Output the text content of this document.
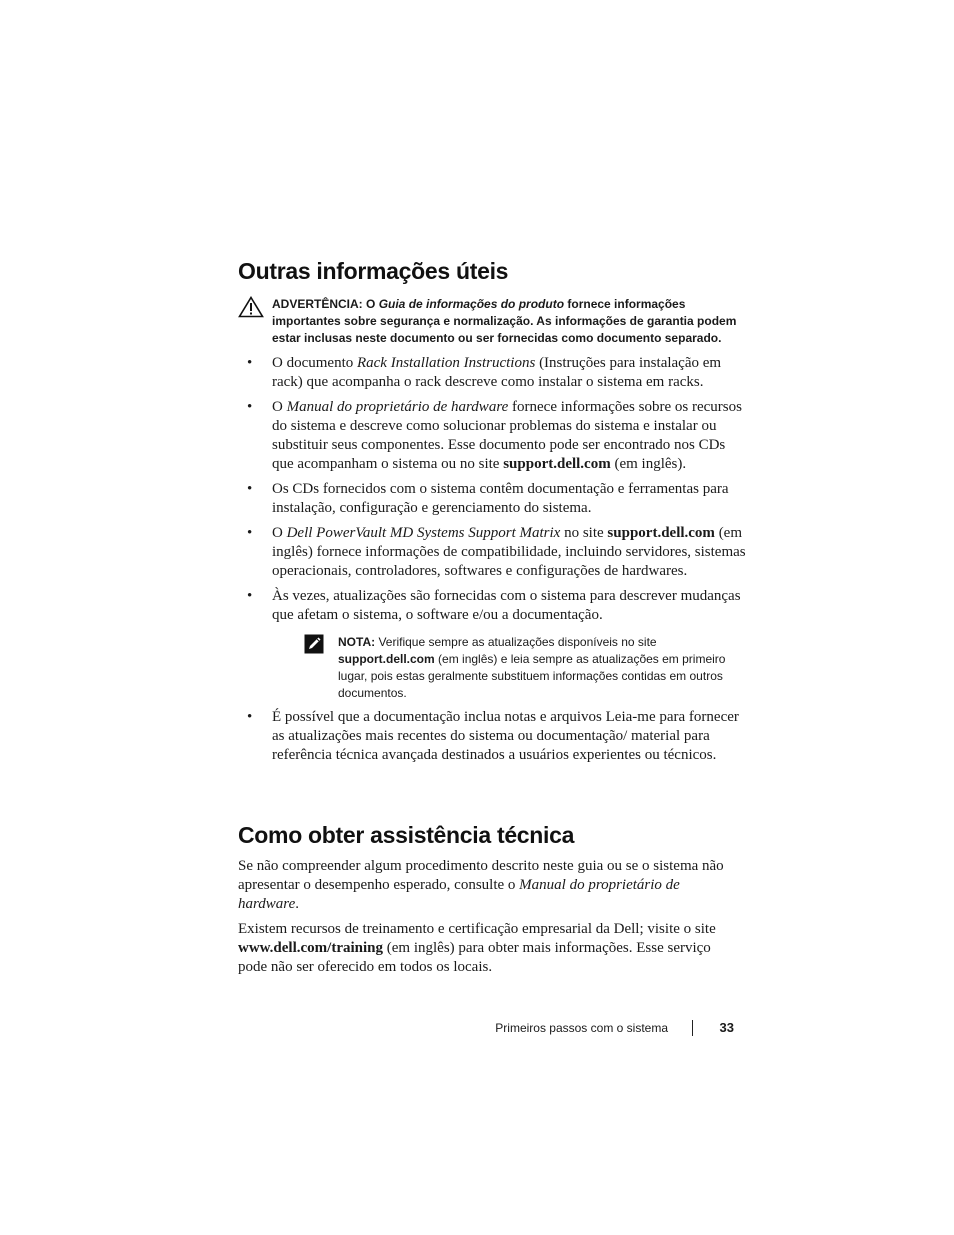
Outras informações úteis
ADVERTÊNCIA: O Guia de informações do produto fornece informações importantes sobre segurança e normalização. As informações de garantia podem estar inclusas neste documento ou ser fornecidas como documento separado.
• O documento Rack Installation Instructions (Instruções para instalação em rack) que acompanha o rack descreve como instalar o sistema em racks.
• O Manual do proprietário de hardware fornece informações sobre os recursos do sistema e descreve como solucionar problemas do sistema e instalar ou substituir seus componentes. Esse documento pode ser encontrado nos CDs que acompanham o sistema ou no site support.dell.com (em inglês).
• Os CDs fornecidos com o sistema contêm documentação e ferramentas para instalação, configuração e gerenciamento do sistema.
• O Dell PowerVault MD Systems Support Matrix no site support.dell.com (em inglês) fornece informações de compatibilidade, incluindo servidores, sistemas operacionais, controladores, softwares e configurações de hardwares.
• Às vezes, atualizações são fornecidas com o sistema para descrever mudanças que afetam o sistema, o software e/ou a documentação.
NOTA: Verifique sempre as atualizações disponíveis no site support.dell.com (em inglês) e leia sempre as atualizações em primeiro lugar, pois estas geralmente substituem informações contidas em outros documentos.
• É possível que a documentação inclua notas e arquivos Leia-me para fornecer as atualizações mais recentes do sistema ou documentação/ material para referência técnica avançada destinados a usuários experientes ou técnicos.
Como obter assistência técnica

Se não compreender algum procedimento descrito neste guia ou se o sistema não apresentar o desempenho esperado, consulte o Manual do proprietário de hardware.

Existem recursos de treinamento e certificação empresarial da Dell; visite o site www.dell.com/training (em inglês) para obter mais informações. Esse serviço pode não ser oferecido em todos os locais.

Primeiros passos com o sistema	33
